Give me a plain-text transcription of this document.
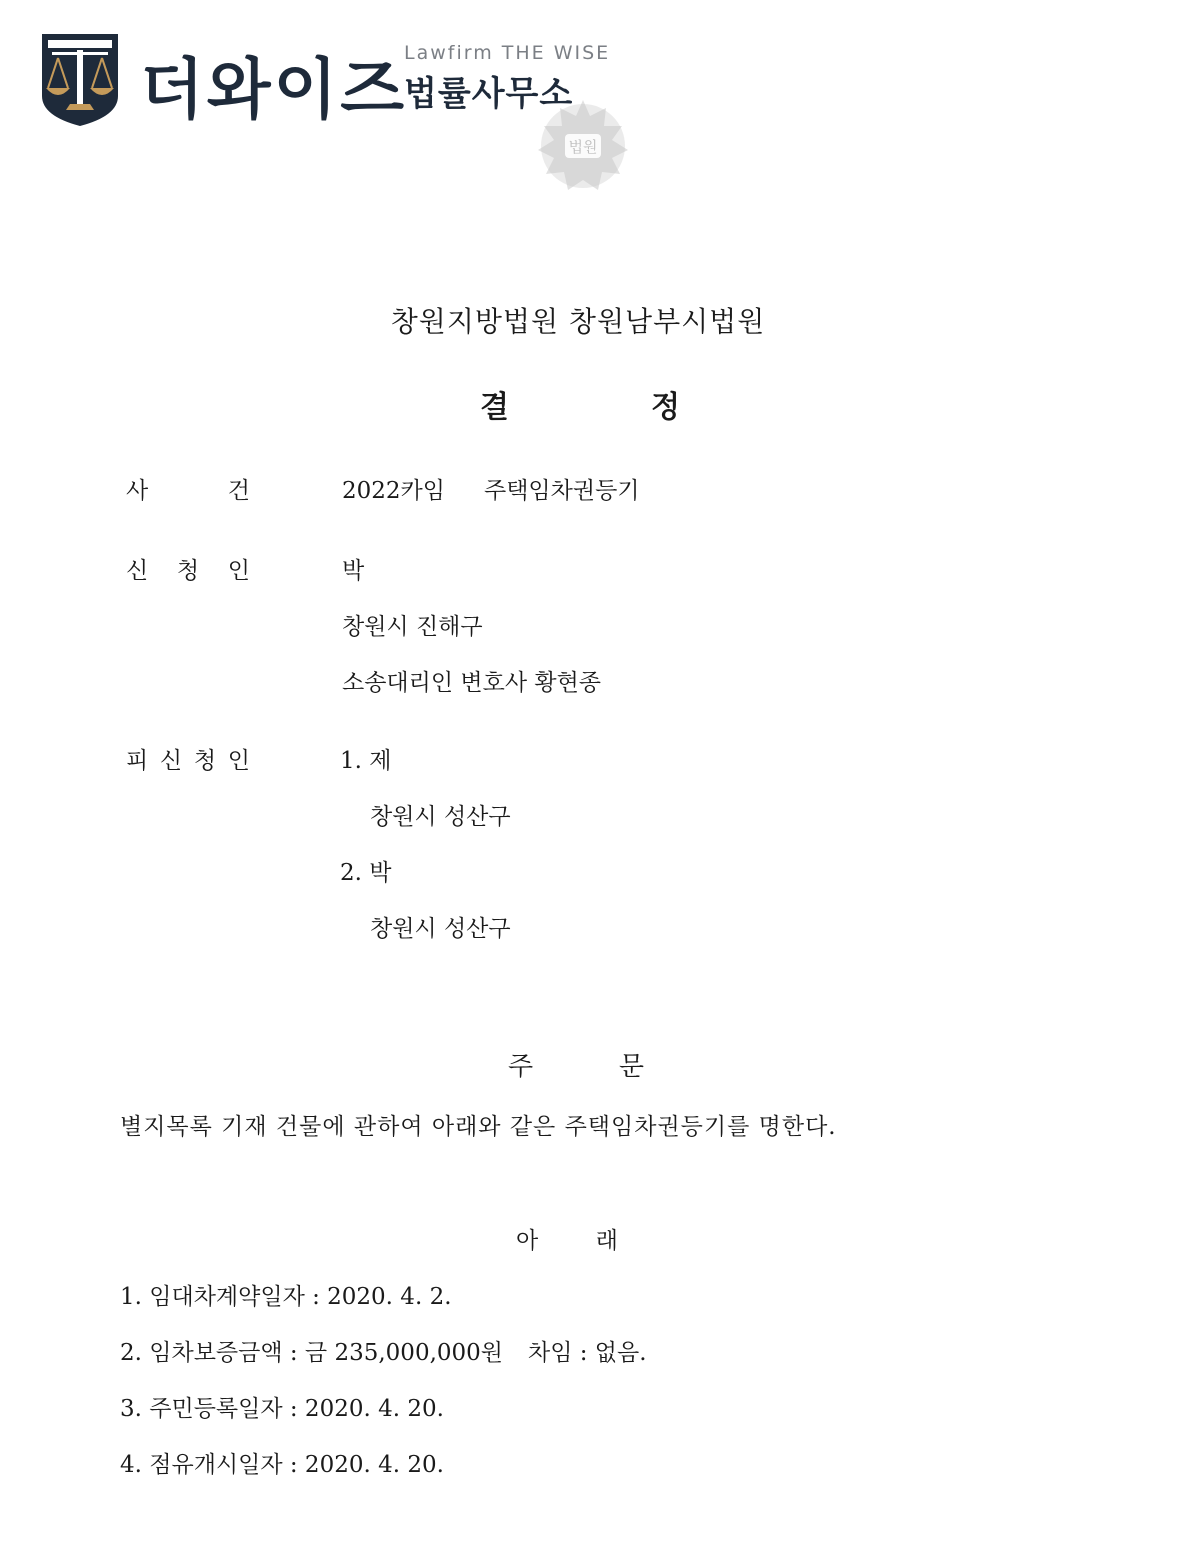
더와이즈
Lawfirm THE WISE
법률사무소
법원
창원지방법원 창원남부시법원
결	정
사	건	2022카임 주택임차권등기
신 청 인	박
창원시 진해구
소송대리인 변호사 황현종
피 신 청 인	1. 제
창원시 성산구
2. 박
창원시 성산구
주	문
별지목록 기재 건물에 관하여 아래와 같은 주택임차권등기를 명한다.
아	래
1. 임대차계약일자 : 2020. 4. 2.
2. 임차보증금액 : 금 235,000,000원 차임 : 없음.
3. 주민등록일자 : 2020. 4. 20.
4. 점유개시일자 : 2020. 4. 20.
